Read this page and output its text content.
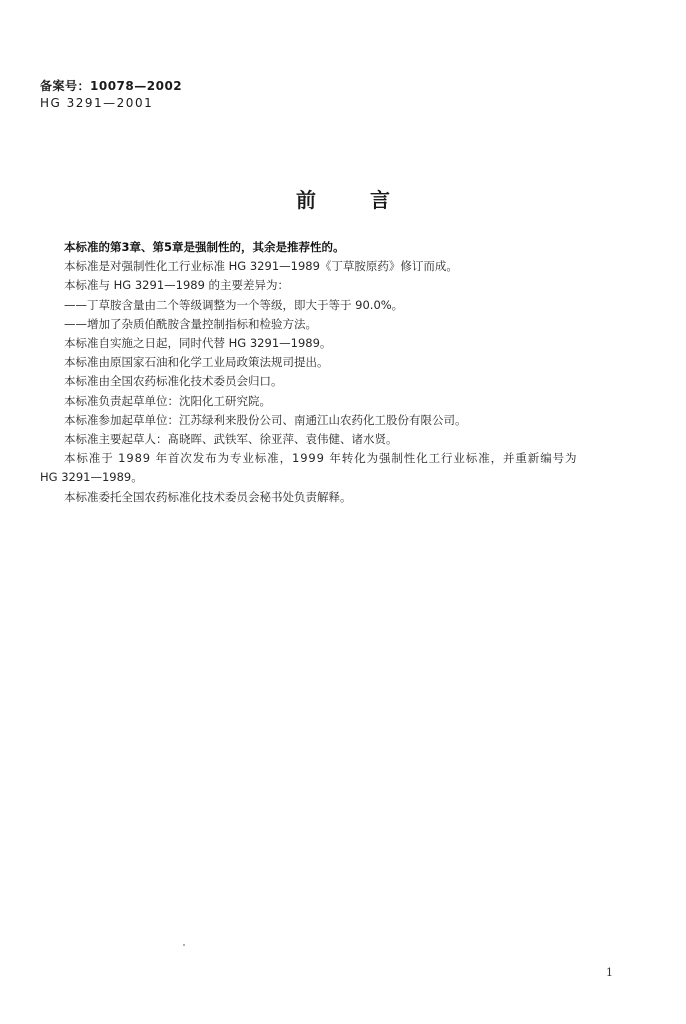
备案号：10078—2002
HG 3291—2001
前言
本标准的第3章、第5章是强制性的，其余是推荐性的。
本标准是对强制性化工行业标准 HG 3291—1989《丁草胺原药》修订而成。
本标准与 HG 3291—1989 的主要差异为：
——丁草胺含量由二个等级调整为一个等级，即大于等于 90.0%。
——增加了杂质伯酰胺含量控制指标和检验方法。
本标准自实施之日起，同时代替 HG 3291—1989。
本标准由原国家石油和化学工业局政策法规司提出。
本标准由全国农药标准化技术委员会归口。
本标准负责起草单位：沈阳化工研究院。
本标准参加起草单位：江苏绿利来股份公司、南通江山农药化工股份有限公司。
本标准主要起草人：髙晓晖、武铁军、徐亚萍、袁伟健、诸水贤。
本标准于 1989 年首次发布为专业标准，1999 年转化为强制性化工行业标准，并重新编号为
HG 3291—1989。
本标准委托全国农药标准化技术委员会秘书处负责解释。
1
